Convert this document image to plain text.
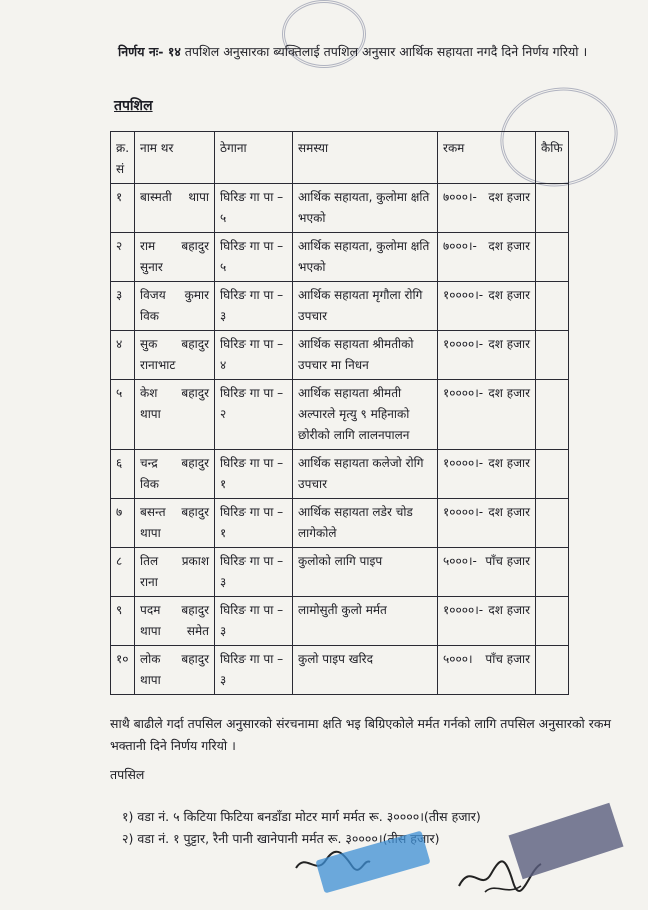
निर्णय नः- १४ तपशिल अनुसारका ब्यक्तिलाई तपशिल अनुसार आर्थिक सहायता नगदै दिने निर्णय गरियो ।
तपशिल
क्र. सं	नाम थर	ठेगाना	समस्या	रकम	कैफि
१	बास्मती थापा	घिरिङ गा पा – ५	आर्थिक सहायता, कुलोमा क्षति भएको	७०००।- दश हजार	

२	राम बहादुर सुनार	घिरिङ गा पा – ५	आर्थिक सहायता, कुलोमा क्षति भएको	७०००।- दश हजार	

३	विजय कुमार विक	घिरिङ गा पा – ३	आर्थिक सहायता मृगौला रोगि उपचार	१००००।- दश हजार	

४	सुक बहादुर रानाभाट	घिरिङ गा पा – ४	आर्थिक सहायता श्रीमतीको उपचार मा निधन	१००००।- दश हजार	

५	केश बहादुर थापा	घिरिङ गा पा – २	आर्थिक सहायता श्रीमती अल्पारले मृत्यु ९ महिनाको छोरीको लागि लालनपालन	१००००।- दश हजार	

६	चन्द्र बहादुर विक	घिरिङ गा पा – १	आर्थिक सहायता कलेजो रोगि उपचार	१००००।- दश हजार	

७	बसन्त बहादुर थापा	घिरिङ गा पा – १	आर्थिक सहायता लडेर चोड लागेकोले	१००००।- दश हजार	

८	तिल प्रकाश राना	घिरिङ गा पा – ३	कुलोको लागि पाइप	५०००।- पाँच हजार	

९	पदम बहादुर थापा समेत	घिरिङ गा पा – ३	लामोसुती कुलो मर्मत	१००००।- दश हजार	

१०	लोक बहादुर थापा	घिरिङ गा पा – ३	कुलो पाइप खरिद	५०००। पाँच हजार	

साथै बाढीले गर्दा तपसिल अनुसारको संरचनामा क्षति भइ बिग्रिएकोले मर्मत गर्नको लागि तपसिल अनुसारको रकम भक्तानी दिने निर्णय गरियो ।
तपसिल
१) वडा नं. ५ किटिया फिटिया बनडाँडा मोटर मार्ग मर्मत रू. ३००००।(तीस हजार)
२) वडा नं. १ पुट्टार, रैनी पानी खानेपानी मर्मत रू. ३००००।(तीस हजार)
